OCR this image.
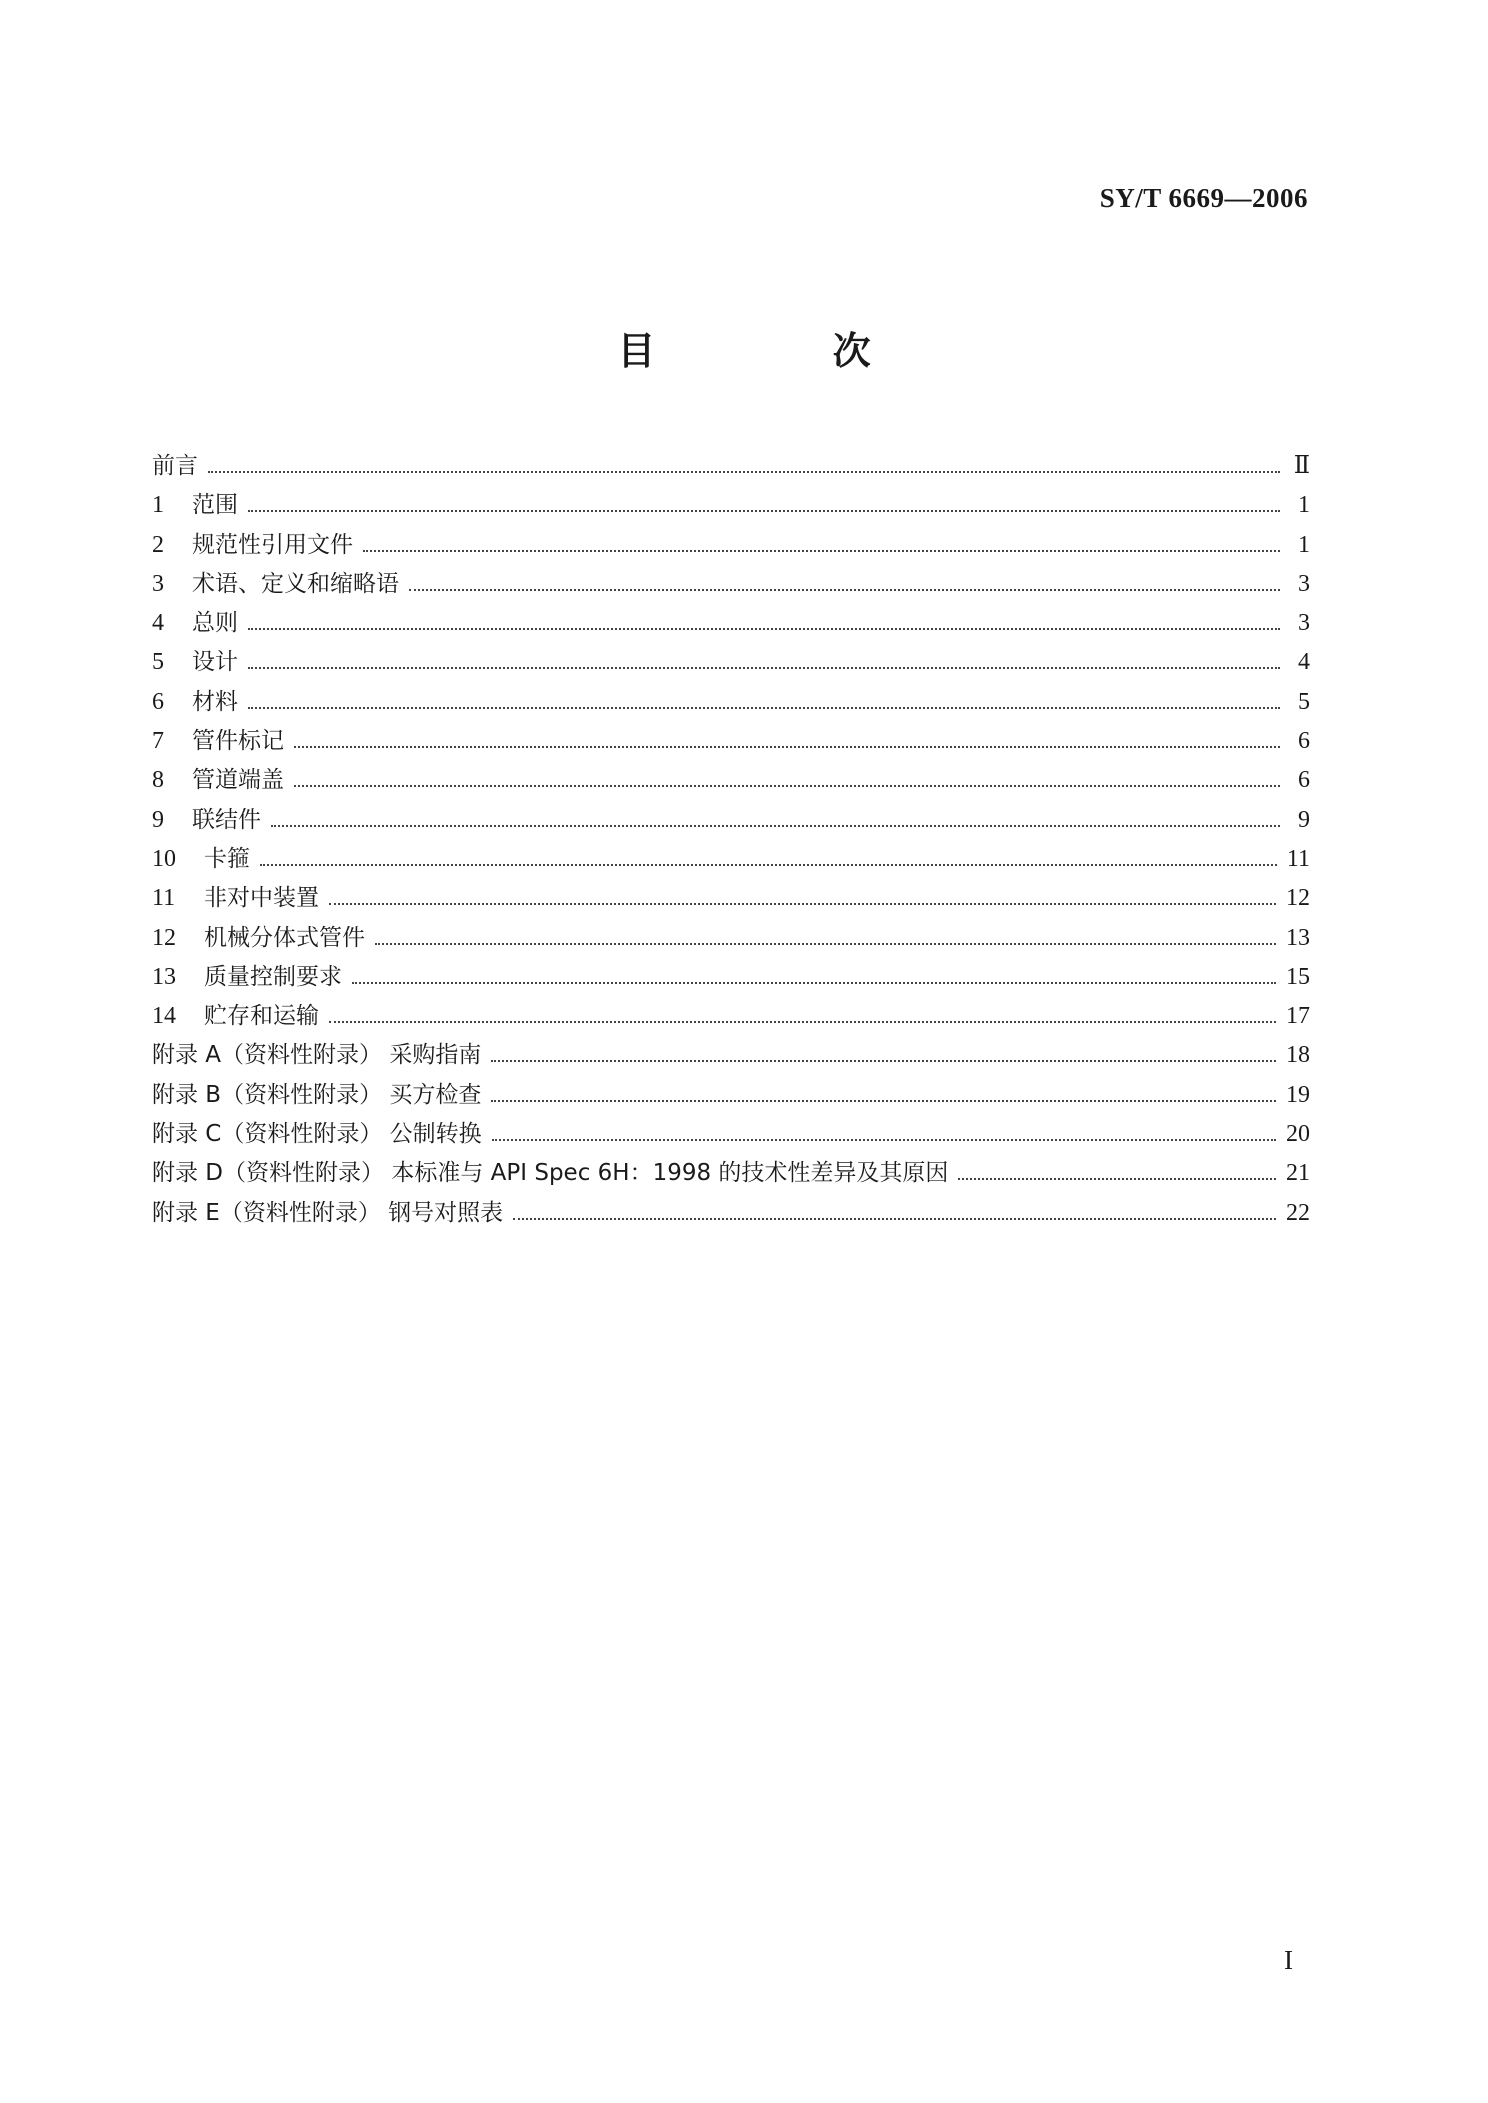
SY/T 6669—2006
目 次
前言	Ⅱ
1	范围	1
2	规范性引用文件	1
3	术语、定义和缩略语	3
4	总则	3
5	设计	4
6	材料	5
7	管件标记	6
8	管道端盖	6
9	联结件	9
10	卡箍	11
11	非对中装置	12
12	机械分体式管件	13
13	质量控制要求	15
14	贮存和运输	17
附录 A（资料性附录） 采购指南	18
附录 B（资料性附录） 买方检查	19
附录 C（资料性附录） 公制转换	20
附录 D（资料性附录） 本标准与 API Spec 6H：1998 的技术性差异及其原因	21
附录 E（资料性附录） 钢号对照表	22
I
